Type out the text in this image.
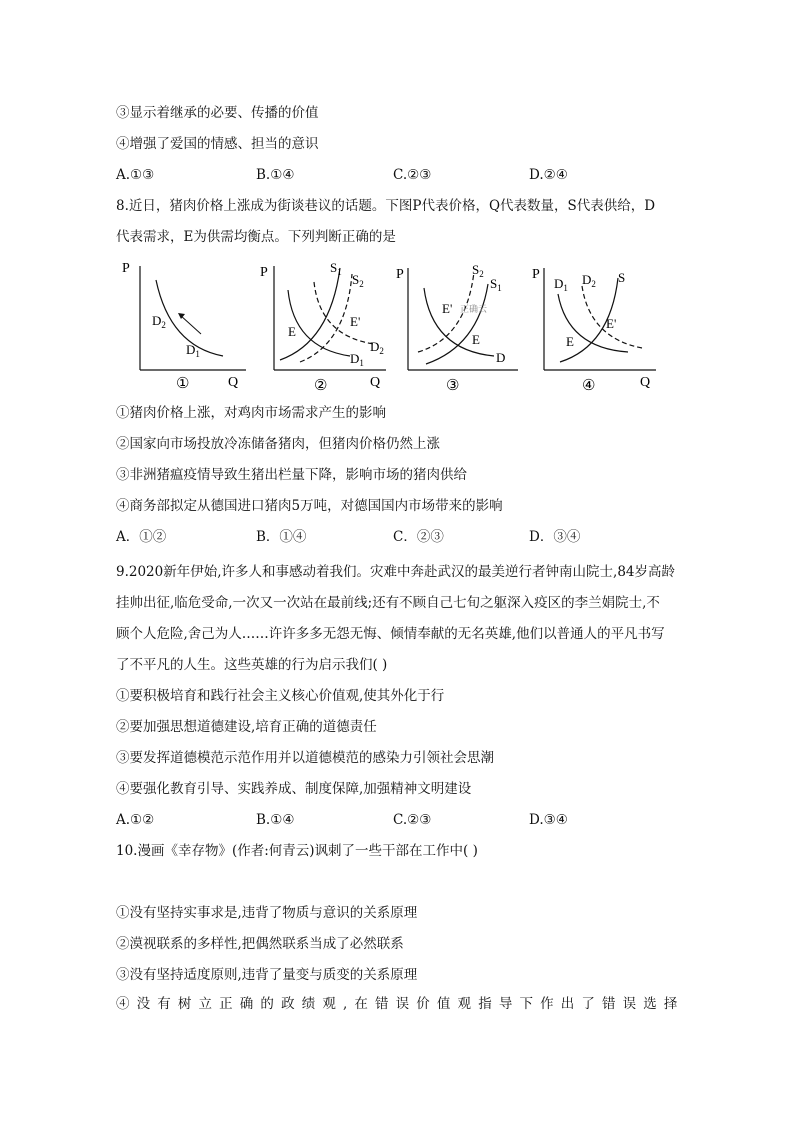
③显示着继承的必要、传播的价值
④增强了爱国的情感、担当的意识
A.①③	B.①④	C.②③	D.②④
8.近日，猪肉价格上涨成为街谈巷议的话题。下图P代表价格，Q代表数量，S代表供给，D
代表需求，E为供需均衡点。下列判断正确的是
P
Q
$D_2$
$D_1$
①
P
Q
$S_1$ $S_2$
E
E'
$D_2$
$D_1$
②
P	$S_2$
$S_1$
E' 正确云
E
D
③
P
Q
$D_1$
$D_2$ S
E
E'
④
①猪肉价格上涨，对鸡肉市场需求产生的影响
②国家向市场投放冷冻储备猪肉，但猪肉价格仍然上涨
③非洲猪瘟疫情导致生猪出栏量下降，影响市场的猪肉供给
④商务部拟定从德国进口猪肉5万吨，对德国国内市场带来的影响
A．①②	B．①④	C．②③	D．③④
9.2020新年伊始,许多人和事感动着我们。灾难中奔赴武汉的最美逆行者钟南山院士,84岁高龄
挂帅出征,临危受命,一次又一次站在最前线;还有不顾自己七旬之躯深入疫区的李兰娟院士,不
顾个人危险,舍己为人……许许多多无怨无悔、倾情奉献的无名英雄,他们以普通人的平凡书写
了不平凡的人生。这些英雄的行为启示我们( )
①要积极培育和践行社会主义核心价值观,使其外化于行
②要加强思想道德建设,培育正确的道德责任
③要发挥道德模范示范作用并以道德模范的感染力引领社会思潮
④要强化教育引导、实践养成、制度保障,加强精神文明建设
A.①②	B.①④	C.②③	D.③④
10.漫画《幸存物》(作者:何青云)讽刺了一些干部在工作中( )
①没有坚持实事求是,违背了物质与意识的关系原理
②漠视联系的多样性,把偶然联系当成了必然联系
③没有坚持适度原则,违背了量变与质变的关系原理
④没有树立正确的政绩观,在错误价值观指导下作出了错误选择
